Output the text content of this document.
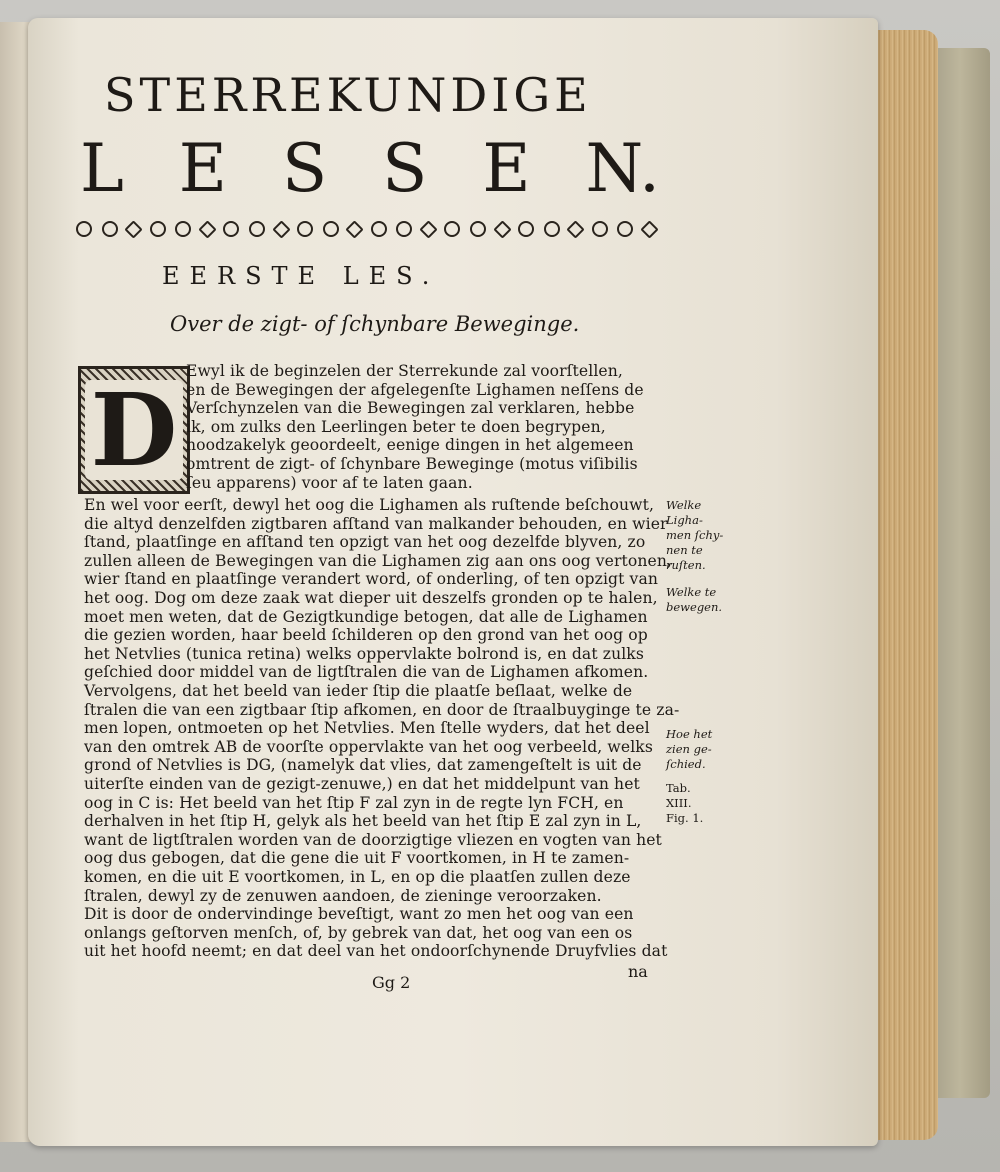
STERREKUNDIGE
L E S S E N.
EERSTE LES.
Over de zigt- of ſchynbare Beweginge.
D Ewyl ik de beginzelen der Sterrekunde zal voorſtellen,
en de Bewegingen der afgelegenſte Lighamen neſſens de
Verſchynzelen van die Bewegingen zal verklaren, hebbe
ik, om zulks den Leerlingen beter te doen begrypen,
noodzakelyk geoordeelt, eenige dingen in het algemeen
omtrent de zigt- of ſchynbare Beweginge (motus viſibilis
ſeu apparens) voor af te laten gaan.
En wel voor eerſt, dewyl het oog die Lighamen als ruſtende beſchouwt,
die altyd denzelfden zigtbaren afſtand van malkander behouden, en wier
ſtand, plaatſinge en afſtand ten opzigt van het oog dezelfde blyven, zo
zullen alleen de Bewegingen van die Lighamen zig aan ons oog vertonen,
wier ſtand en plaatſinge verandert word, of onderling, of ten opzigt van
het oog. Dog om deze zaak wat dieper uit deszelfs gronden op te halen,
moet men weten, dat de Gezigtkundige betogen, dat alle de Lighamen
die gezien worden, haar beeld ſchilderen op den grond van het oog op
het Netvlies (tunica retina) welks oppervlakte bolrond is, en dat zulks
geſchied door middel van de ligtſtralen die van de Lighamen afkomen.
Vervolgens, dat het beeld van ieder ſtip die plaatſe beſlaat, welke de
ſtralen die van een zigtbaar ſtip afkomen, en door de ſtraalbuyginge te za-
men lopen, ontmoeten op het Netvlies. Men ſtelle wyders, dat het deel
van den omtrek AB de voorſte oppervlakte van het oog verbeeld, welks
grond of Netvlies is DG, (namelyk dat vlies, dat zamengeſtelt is uit de
uiterſte einden van de gezigt-zenuwe,) en dat het middelpunt van het
oog in C is: Het beeld van het ſtip F zal zyn in de regte lyn FCH, en
derhalven in het ſtip H, gelyk als het beeld van het ſtip E zal zyn in L,
want de ligtſtralen worden van de doorzigtige vliezen en vogten van het
oog dus gebogen, dat die gene die uit F voortkomen, in H te zamen-
komen, en die uit E voortkomen, in L, en op die plaatſen zullen deze
ſtralen, dewyl zy de zenuwen aandoen, de zieninge veroorzaken.
Dit is door de ondervindinge beveſtigt, want zo men het oog van een
onlangs geſtorven menſch, of, by gebrek van dat, het oog van een os
uit het hoofd neemt; en dat deel van het ondoorſchynende Druyfvlies dat
Welke
Ligha-
men ſchy-
nen te
ruſten.
Welke te
bewegen.
Hoe het
zien ge-
ſchied.
Tab.
XIII.
Fig. 1.
Gg 2
na
